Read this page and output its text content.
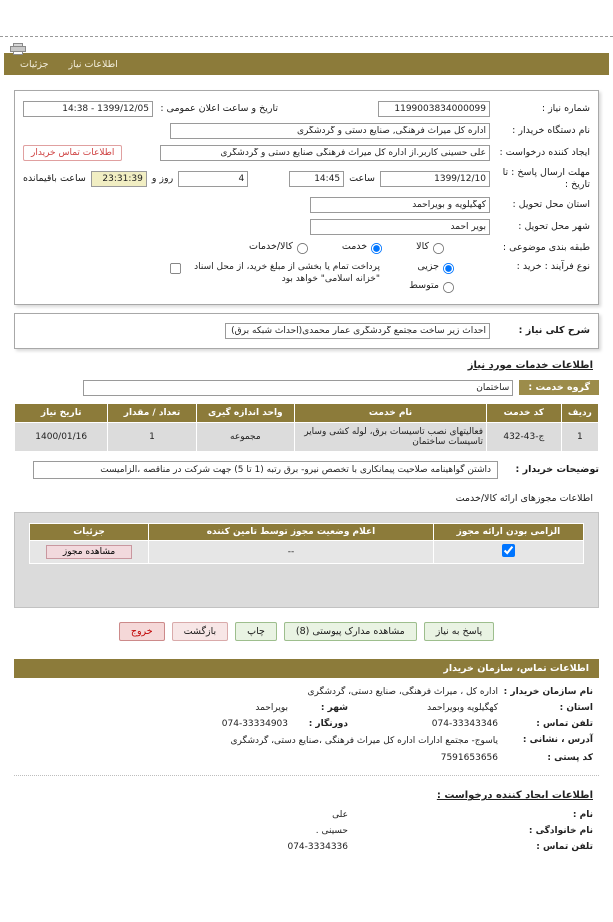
اطلاعات نیاز
جزئیات
شماره نیاز :
1199003834000099
تاریخ و ساعت اعلان عمومی :
14:38 - 1399/12/05
نام دستگاه خریدار :
اداره کل میراث فرهنگی, صنایع دستی و گردشگری
ایجاد کننده درخواست :
علی حسینی کاربر.از اداره کل میراث فرهنگی صنایع دستی و گردشگری
اطلاعات تماس خریدار
مهلت ارسال پاسخ : تا تاریخ :
1399/12/10
ساعت
14:45
4
روز و
23:31:39
ساعت باقیمانده
استان محل تحویل :
کهگیلویه و بویراحمد
شهر محل تحویل :
بویر احمد
طبقه بندی موضوعی :
کالا
خدمت
کالا/خدمات
نوع فرآیند : خرید :
جزیی
متوسط
پرداخت تمام یا بخشی از مبلغ خرید، از محل اسناد "خزانه اسلامی" خواهد بود
شرح کلی نیاز :
احداث زیر ساخت مجتمع گردشگری عمار محمدی(احداث شبکه برق)
اطلاعات خدمات مورد نیاز
گروه خدمت :
ساختمان
ردیف	کد خدمت	نام خدمت	واحد اندازه گیری	تعداد / مقدار	تاریخ نیاز
1	ج-43-432	فعالیتهای نصب تاسیسات برق، لوله کشی وسایر تاسیسات ساختمان	مجموعه	1	1400/01/16
توضیحات خریدار :
داشتن گواهینامه صلاحیت پیمانکاری با تخصص نیرو- برق رتبه (1 تا 5) جهت شرکت در مناقصه ،الزامیست
اطلاعات مجوزهای ارائه کالا/خدمت
الزامی بودن ارائه مجوز	اعلام وضعیت مجوز توسط تامین کننده	جزئیات
	--	مشاهده مجوز
پاسخ به نیاز
مشاهده مدارک پیوستی (8)
چاپ
بازگشت
خروج
اطلاعات تماس، سازمان خریدار
نام سازمان خریدار :
اداره کل ، میراث فرهنگی، صنایع دستی، گردشگری
استان :
کهگیلویه وبویراحمد
شهر :
بویراحمد
تلفن تماس :
074-33343346
دورنگار :
074-33334903
آدرس ، نشانی :
یاسوج- مجتمع ادارات اداره کل میراث فرهنگی ،صنایع دستی، گردشگری
کد پستی :
7591653656
اطلاعات ایجاد کننده درخواست :
نام :
علی
نام خانوادگی :
حسینی .
تلفن تماس :
074-3334336
